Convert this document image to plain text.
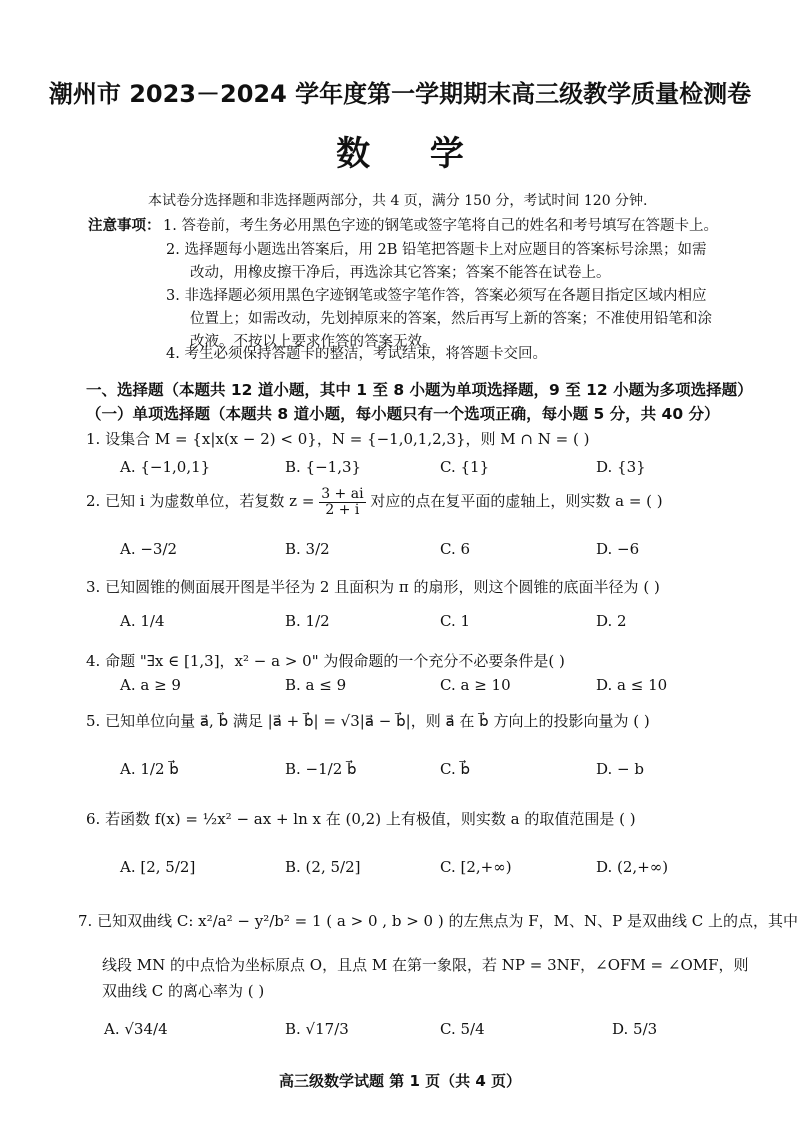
潮州市 2023－2024 学年度第一学期期末高三级教学质量检测卷
数 学
本试卷分选择题和非选择题两部分，共 4 页，满分 150 分，考试时间 120 分钟.
注意事项： 1. 答卷前，考生务必用黑色字迹的钢笔或签字笔将自己的姓名和考号填写在答题卡上。
2. 选择题每小题选出答案后，用 2B 铅笔把答题卡上对应题目的答案标号涂黑；如需
改动，用橡皮擦干净后，再选涂其它答案；答案不能答在试卷上。
3. 非选择题必须用黑色字迹钢笔或签字笔作答，答案必须写在各题目指定区域内相应
位置上；如需改动，先划掉原来的答案，然后再写上新的答案；不准使用铅笔和涂
改液。不按以上要求作答的答案无效。
4. 考生必须保持答题卡的整洁，考试结束，将答题卡交回。
一、选择题（本题共 12 道小题，其中 1 至 8 小题为单项选择题，9 至 12 小题为多项选择题）
（一）单项选择题（本题共 8 道小题，每小题只有一个选项正确，每小题 5 分，共 40 分）
1. 设集合 M = {x|x(x − 2) < 0}，N = {−1,0,1,2,3}，则 M ∩ N = ( )
A. {−1,0,1}	B. {−1,3}	C. {1}	D. {3}
2. 已知 i 为虚数单位，若复数 $z = \frac{3 + ai}{2 + i}$ 对应的点在复平面的虚轴上，则实数 a = ( )
A. −3/2	B. 3/2	C. 6	D. −6
3. 已知圆锥的侧面展开图是半径为 2 且面积为 π 的扇形，则这个圆锥的底面半径为 ( )
A. 1/4	B. 1/2	C. 1	D. 2
4. 命题 "∃x ∈ [1,3]，x² − a > 0" 为假命题的一个充分不必要条件是( )
A. a ≥ 9	B. a ≤ 9	C. a ≥ 10	D. a ≤ 10
5. 已知单位向量 a⃗, b⃗ 满足 |a⃗ + b⃗| = √3|a⃗ − b⃗|，则 a⃗ 在 b⃗ 方向上的投影向量为 ( )
A. 1/2 b⃗	B. −1/2 b⃗	C. b⃗	D. − b
6. 若函数 f(x) = ½x² − ax + ln x 在 (0,2) 上有极值，则实数 a 的取值范围是 ( )
A. [2, 5/2]	B. (2, 5/2]	C. [2,+∞)	D. (2,+∞)
7. 已知双曲线 C: x²/a² − y²/b² = 1 ( a > 0 , b > 0 ) 的左焦点为 F，M、N、P 是双曲线 C 上的点，其中
线段 MN 的中点恰为坐标原点 O，且点 M 在第一象限，若 NP = 3NF，∠OFM = ∠OMF，则
双曲线 C 的离心率为 ( )
A. √34/4	B. √17/3	C. 5/4	D. 5/3
高三级数学试题 第 1 页（共 4 页）
